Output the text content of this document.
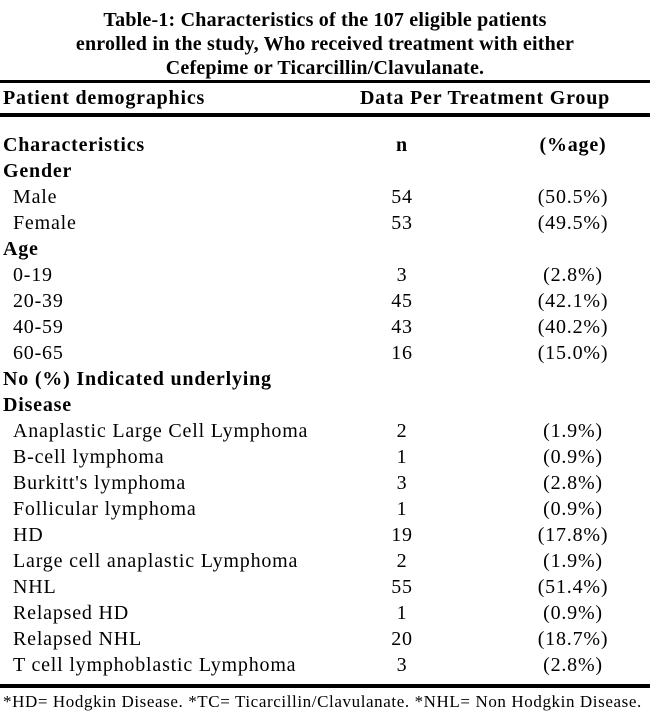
Table-1: Characteristics of the 107 eligible patients
enrolled in the study, Who received treatment with either
Cefepime or Ticarcillin/Clavulanate.
Patient demographics	Data Per Treatment Group
Characteristics	n	(%age)
Gender
Male	54	(50.5%)
Female	53	(49.5%)
Age
0-19	3	(2.8%)
20-39	45	(42.1%)
40-59	43	(40.2%)
60-65	16	(15.0%)
No (%) Indicated underlying
Disease
Anaplastic Large Cell Lymphoma	2	(1.9%)
B-cell lymphoma	1	(0.9%)
Burkitt's lymphoma	3	(2.8%)
Follicular lymphoma	1	(0.9%)
HD	19	(17.8%)
Large cell anaplastic Lymphoma	2	(1.9%)
NHL	55	(51.4%)
Relapsed HD	1	(0.9%)
Relapsed NHL	20	(18.7%)
T cell lymphoblastic Lymphoma	3	(2.8%)
*HD= Hodgkin Disease. *TC= Ticarcillin/Clavulanate. *NHL= Non Hodgkin Disease.
